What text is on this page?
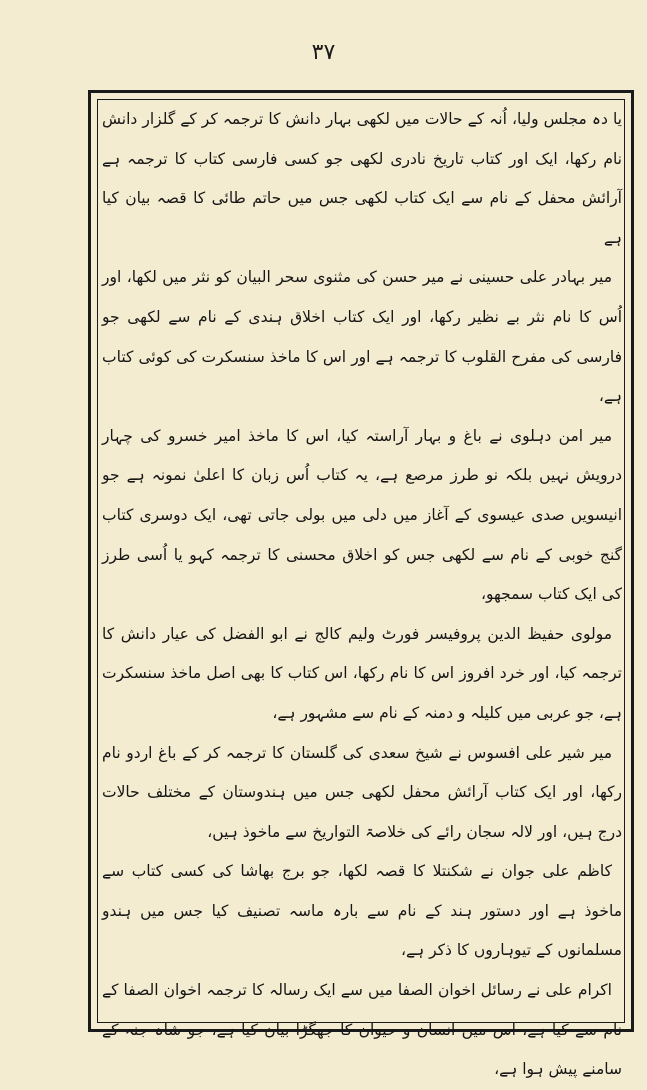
۳۷

یا دہ مجلس ولیا، اُنہ کے حالات میں لکھی بہار دانش کا ترجمہ کر کے گلزار دانش نام رکھا، ایک اور کتاب تاریخ نادری لکھی جو کسی فارسی کتاب کا ترجمہ ہے آرائش محفل کے نام سے ایک کتاب لکھی جس میں حاتم طائی کا قصہ بیان کیا ہے

میر بہادر علی حسینی نے میر حسن کی مثنوی سحر البیان کو نثر میں لکھا، اور اُس کا نام نثر بے نظیر رکھا، اور ایک کتاب اخلاق ہندی کے نام سے لکھی جو فارسی کی مفرح القلوب کا ترجمہ ہے اور اس کا ماخذ سنسکرت کی کوئی کتاب ہے،

میر امن دہلوی نے باغ و بہار آراستہ کیا، اس کا ماخذ امیر خسرو کی چہار درویش نہیں بلکہ نو طرز مرصع ہے، یہ کتاب اُس زبان کا اعلیٰ نمونہ ہے جو انیسویں صدی عیسوی کے آغاز میں دلی میں بولی جاتی تھی، ایک دوسری کتاب گنج خوبی کے نام سے لکھی جس کو اخلاق محسنی کا ترجمہ کہو یا اُسی طرز کی ایک کتاب سمجھو،

مولوی حفیظ الدین پروفیسر فورٹ ولیم کالج نے ابو الفضل کی عیار دانش کا ترجمہ کیا، اور خرد افروز اس کا نام رکھا، اس کتاب کا بھی اصل ماخذ سنسکرت ہے، جو عربی میں کلیلہ و دمنہ کے نام سے مشہور ہے،

میر شیر علی افسوس نے شیخ سعدی کی گلستان کا ترجمہ کر کے باغ اردو نام رکھا، اور ایک کتاب آرائش محفل لکھی جس میں ہندوستان کے مختلف حالات درج ہیں، اور لالہ سجان رائے کی خلاصۃ التواریخ سے ماخوذ ہیں،

کاظم علی جوان نے شکنتلا کا قصہ لکھا، جو برج بھاشا کی کسی کتاب سے ماخوذ ہے اور دستور ہند کے نام سے بارہ ماسہ تصنیف کیا جس میں ہندو مسلمانوں کے تیوہاروں کا ذکر ہے،

اکرام علی نے رسائل اخوان الصفا میں سے ایک رسالہ کا ترجمہ اخوان الصفا کے نام سے کیا ہے، اس میں انسان و حیوان کا جھگڑا بیان کیا ہے، جو شاہ جنہ کے سامنے پیش ہوا ہے،
